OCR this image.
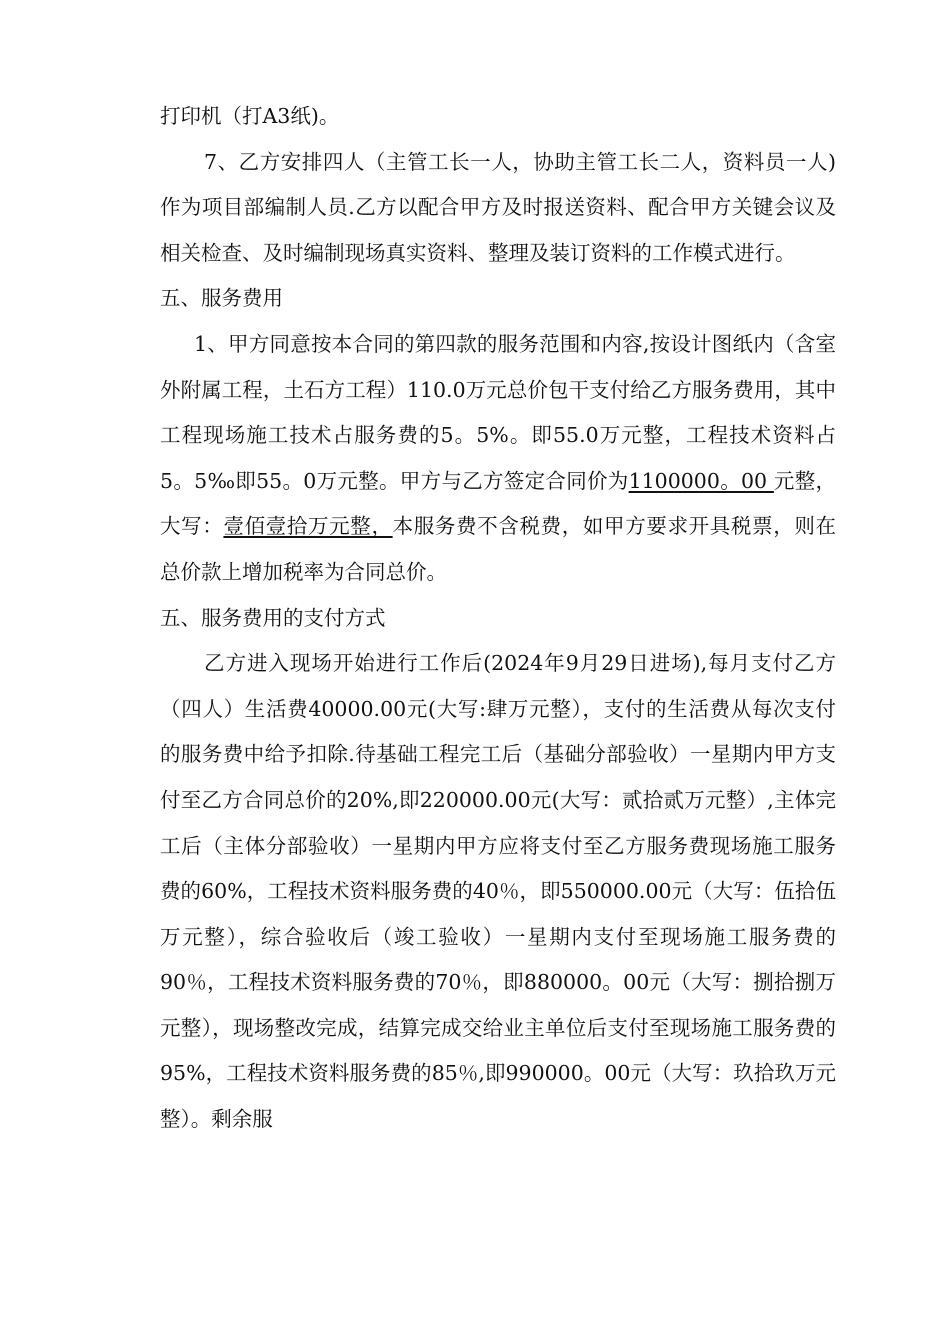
打印机（打A3纸)。

7、乙方安排四人（主管工长一人，协助主管工长二人，资料员一人)作为项目部编制人员.乙方以配合甲方及时报送资料、配合甲方关键会议及相关检查、及时编制现场真实资料、整理及装订资料的工作模式进行。

五、服务费用

1、甲方同意按本合同的第四款的服务范围和内容,按设计图纸内（含室外附属工程，土石方工程）110.0万元总价包干支付给乙方服务费用，其中工程现场施工技术占服务费的5。5%。即55.0万元整，工程技术资料占5。5‰即55。0万元整。甲方与乙方签定合同价为1100000。00 元整，大写：壹佰壹拾万元整，本服务费不含税费，如甲方要求开具税票，则在总价款上增加税率为合同总价。

五、服务费用的支付方式

乙方进入现场开始进行工作后(2024年9月29日进场),每月支付乙方（四人）生活费40000.00元(大写:肆万元整），支付的生活费从每次支付的服务费中给予扣除.待基础工程完工后（基础分部验收）一星期内甲方支付至乙方合同总价的20%,即220000.00元(大写：贰拾贰万元整）,主体完工后（主体分部验收）一星期内甲方应将支付至乙方服务费现场施工服务费的60%，工程技术资料服务费的40％，即550000.00元（大写：伍拾伍万元整），综合验收后（竣工验收）一星期内支付至现场施工服务费的90％，工程技术资料服务费的70％，即880000。00元（大写：捌拾捌万元整），现场整改完成，结算完成交给业主单位后支付至现场施工服务费的95%，工程技术资料服务费的85％,即990000。00元（大写：玖拾玖万元整）。剩余服
